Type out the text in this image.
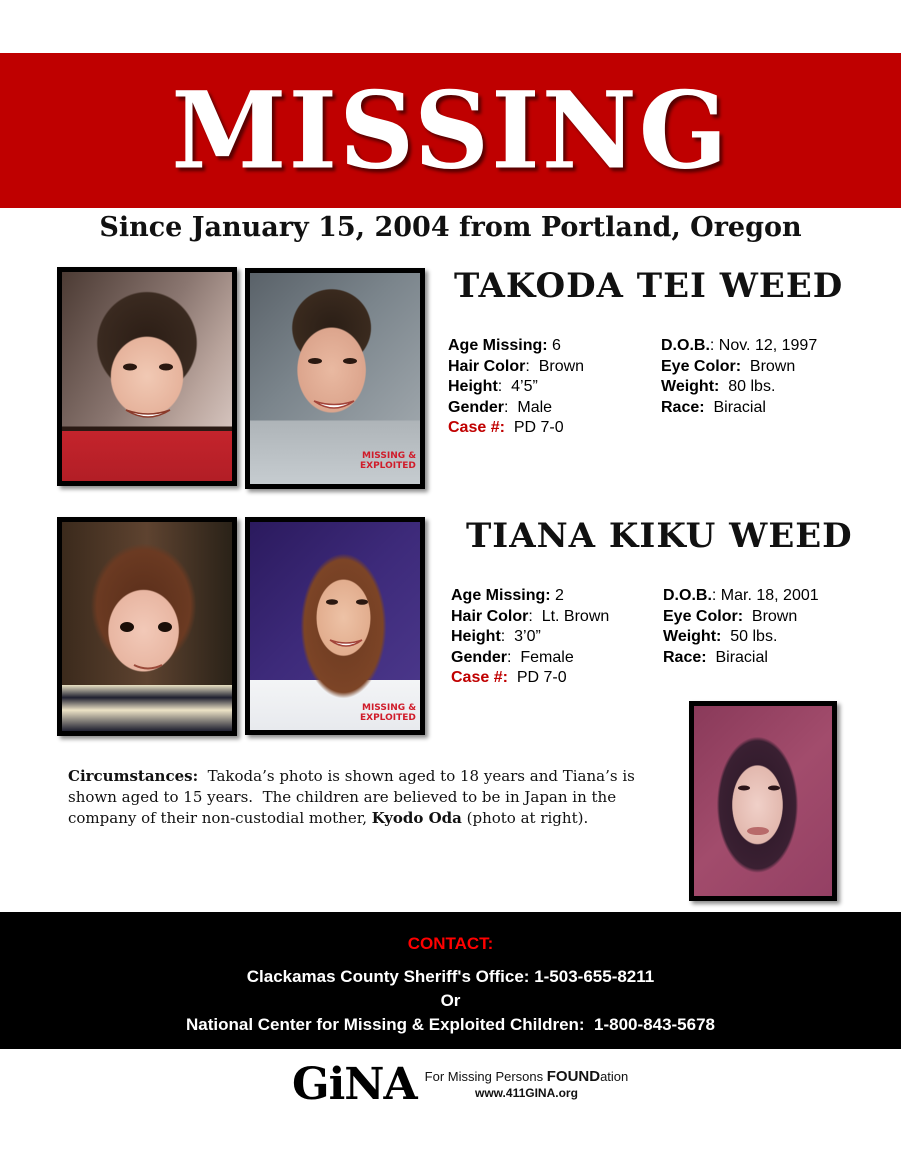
MISSING
Since January 15, 2004 from Portland, Oregon
MISSING &
EXPLOITED
TAKODA TEI WEED
Age Missing: 6
Hair Color:  Brown
Height:  4’5”
Gender:  Male
Case #:  PD 7-0
D.O.B.: Nov. 12, 1997
Eye Color:  Brown
Weight:  80 lbs.
Race:  Biracial
MISSING &
EXPLOITED
TIANA KIKU WEED
Age Missing: 2
Hair Color:  Lt. Brown
Height:  3’0”
Gender:  Female
Case #:  PD 7-0
D.O.B.: Mar. 18, 2001
Eye Color:  Brown
Weight:  50 lbs.
Race:  Biracial
Circumstances:  Takoda’s photo is shown aged to 18 years and Tiana’s is shown aged to 15 years.  The children are believed to be in Japan in the company of their non-custodial mother, Kyodo Oda (photo at right).
CONTACT:
Clackamas County Sheriff's Office: 1-503-655-8211
Or
National Center for Missing & Exploited Children:  1-800-843-5678
GiNA For Missing Persons FOUNDation
www.411GINA.org
